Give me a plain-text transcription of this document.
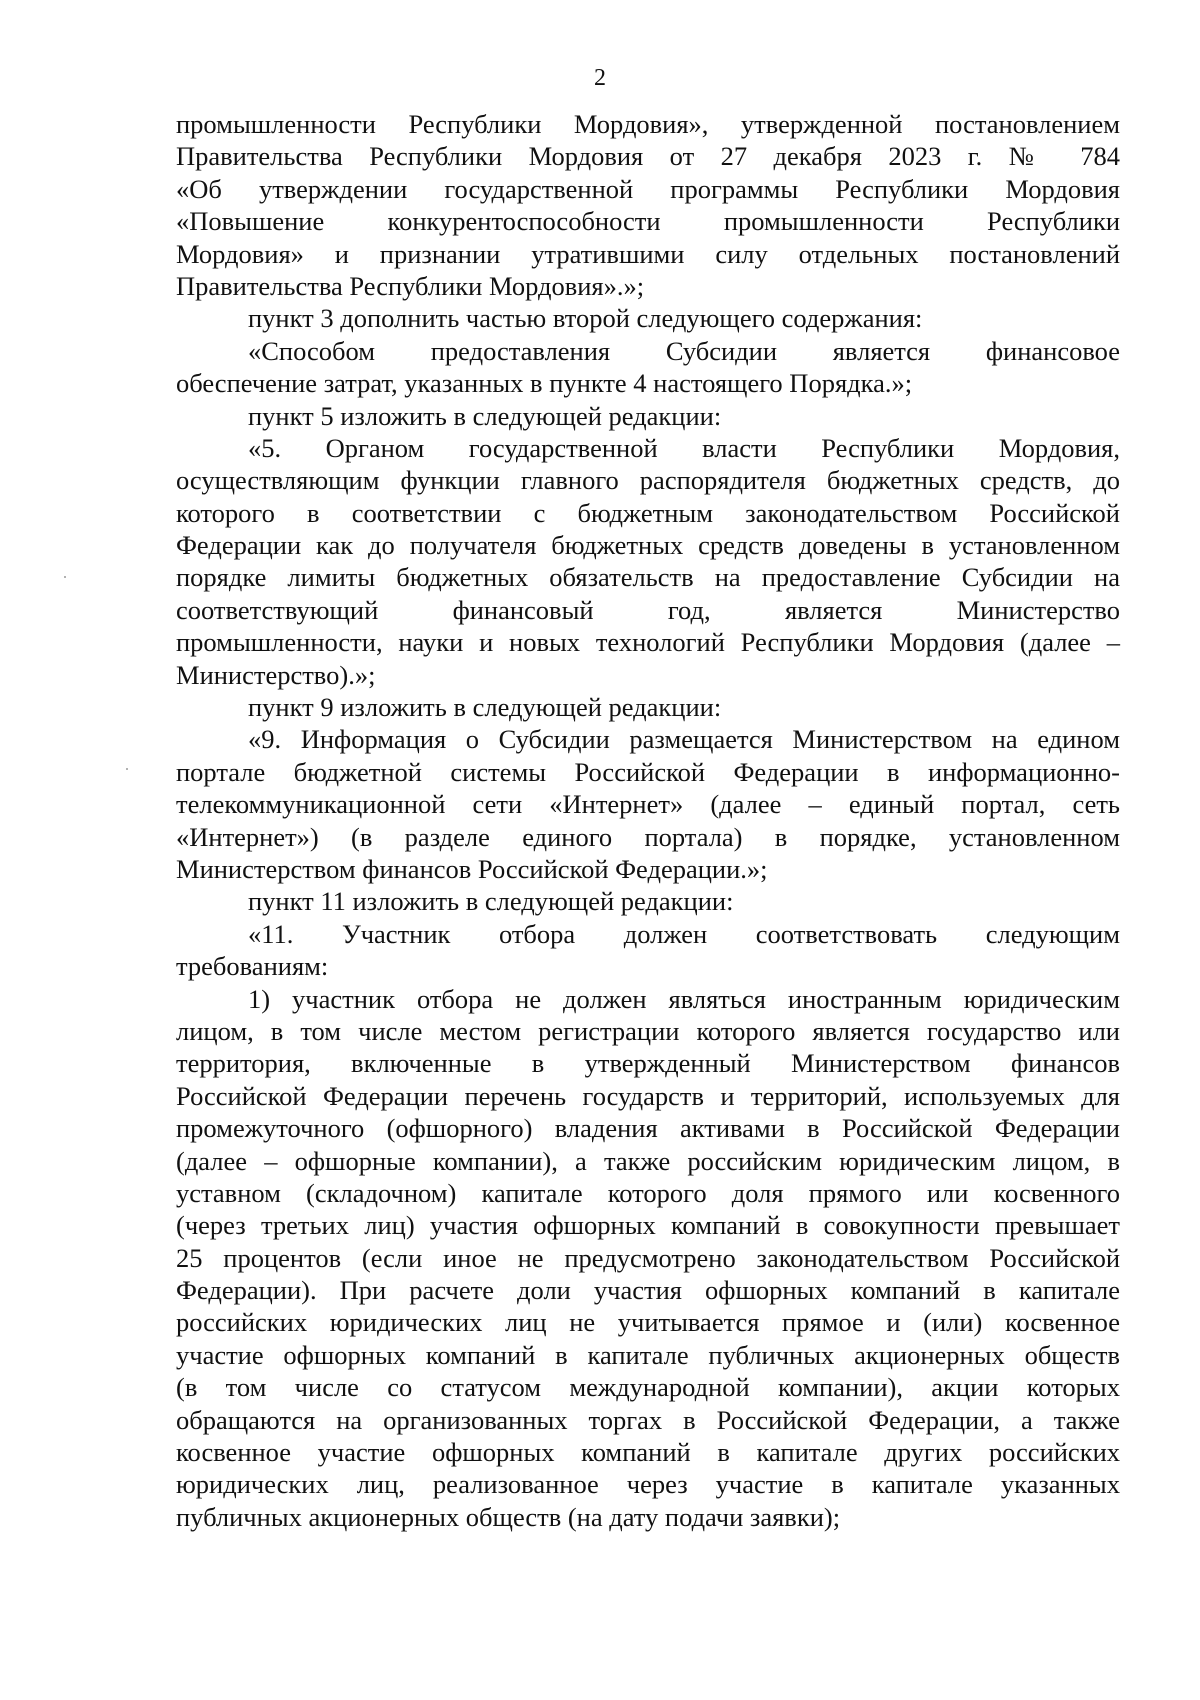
2
промышленности Республики Мордовия», утвержденной постановлением
Правительства Республики Мордовия от 27 декабря 2023 г. № 784
«Об утверждении государственной программы Республики Мордовия
«Повышение конкурентоспособности промышленности Республики
Мордовия» и признании утратившими силу отдельных постановлений
Правительства Республики Мордовия».»;
пункт 3 дополнить частью второй следующего содержания:
«Способом предоставления Субсидии является финансовое
обеспечение затрат, указанных в пункте 4 настоящего Порядка.»;
пункт 5 изложить в следующей редакции:
«5. Органом государственной власти Республики Мордовия,
осуществляющим функции главного распорядителя бюджетных средств, до
которого в соответствии с бюджетным законодательством Российской
Федерации как до получателя бюджетных средств доведены в установленном
порядке лимиты бюджетных обязательств на предоставление Субсидии на
соответствующий финансовый год, является Министерство
промышленности, науки и новых технологий Республики Мордовия (далее –
Министерство).»;
пункт 9 изложить в следующей редакции:
«9. Информация о Субсидии размещается Министерством на едином
портале бюджетной системы Российской Федерации в информационно-
телекоммуникационной сети «Интернет» (далее – единый портал, сеть
«Интернет») (в разделе единого портала) в порядке, установленном
Министерством финансов Российской Федерации.»;
пункт 11 изложить в следующей редакции:
«11. Участник отбора должен соответствовать следующим
требованиям:
1) участник отбора не должен являться иностранным юридическим
лицом, в том числе местом регистрации которого является государство или
территория, включенные в утвержденный Министерством финансов
Российской Федерации перечень государств и территорий, используемых для
промежуточного (офшорного) владения активами в Российской Федерации
(далее – офшорные компании), а также российским юридическим лицом, в
уставном (складочном) капитале которого доля прямого или косвенного
(через третьих лиц) участия офшорных компаний в совокупности превышает
25 процентов (если иное не предусмотрено законодательством Российской
Федерации). При расчете доли участия офшорных компаний в капитале
российских юридических лиц не учитывается прямое и (или) косвенное
участие офшорных компаний в капитале публичных акционерных обществ
(в том числе со статусом международной компании), акции которых
обращаются на организованных торгах в Российской Федерации, а также
косвенное участие офшорных компаний в капитале других российских
юридических лиц, реализованное через участие в капитале указанных
публичных акционерных обществ (на дату подачи заявки);
